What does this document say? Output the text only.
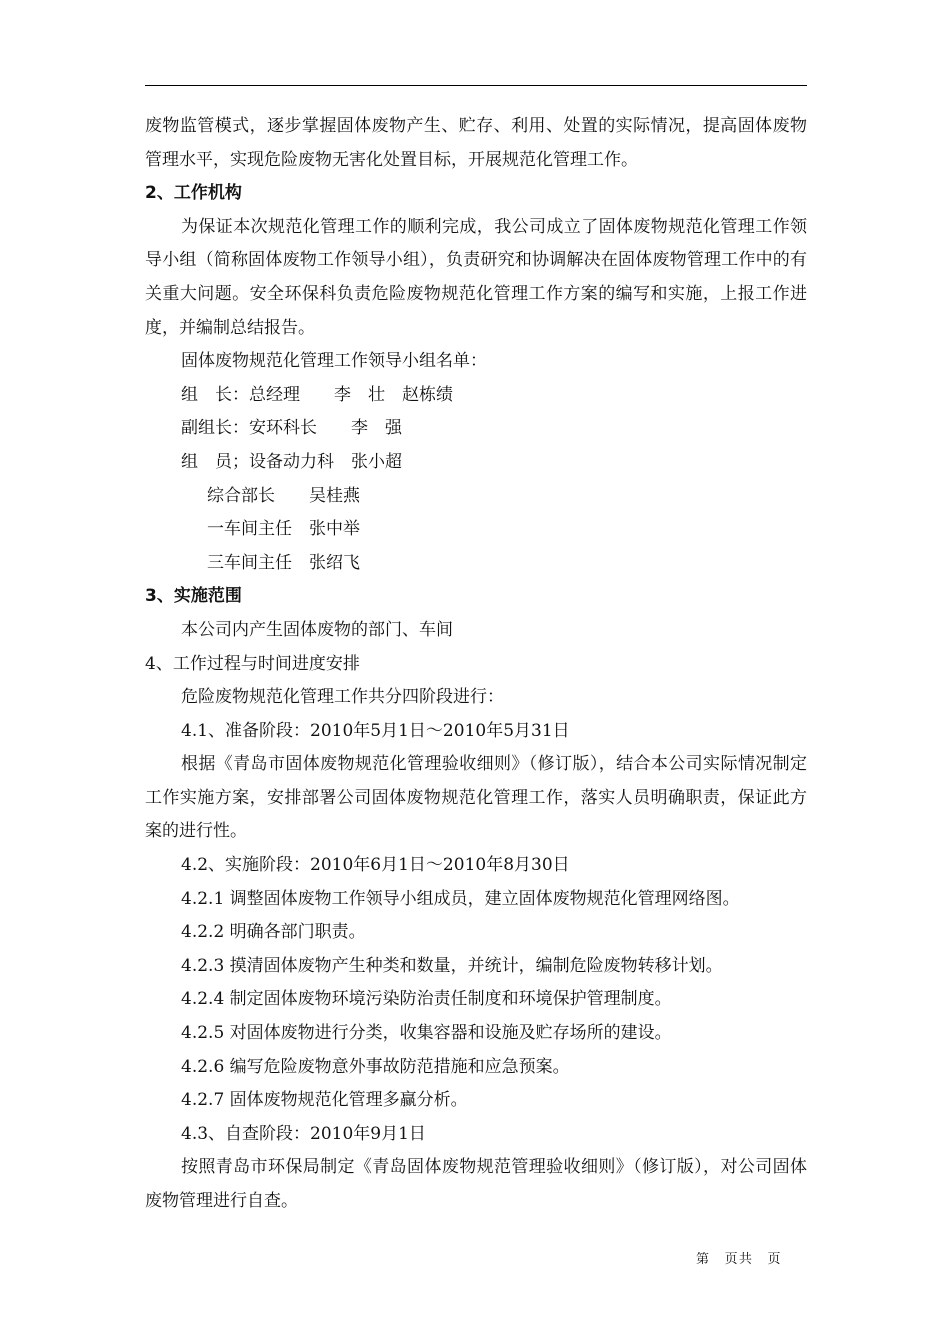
废物监管模式，逐步掌握固体废物产生、贮存、利用、处置的实际情况，提高固体废物管理水平，实现危险废物无害化处置目标，开展规范化管理工作。

2、工作机构

为保证本次规范化管理工作的顺利完成，我公司成立了固体废物规范化管理工作领导小组（简称固体废物工作领导小组），负责研究和协调解决在固体废物管理工作中的有关重大问题。安全环保科负责危险废物规范化管理工作方案的编写和实施，上报工作进度，并编制总结报告。

固体废物规范化管理工作领导小组名单：

组　长：总经理　　李　壮　赵栋绩

副组长：安环科长　　李　强

组　员；设备动力科　张小超

综合部长　　吴桂燕

一车间主任　张中举

三车间主任　张绍飞

3、实施范围

本公司内产生固体废物的部门、车间

4、工作过程与时间进度安排

危险废物规范化管理工作共分四阶段进行：

4.1、准备阶段：2010年5月1日～2010年5月31日

根据《青岛市固体废物规范化管理验收细则》（修订版），结合本公司实际情况制定工作实施方案，安排部署公司固体废物规范化管理工作，落实人员明确职责，保证此方案的进行性。

4.2、实施阶段：2010年6月1日～2010年8月30日

4.2.1 调整固体废物工作领导小组成员，建立固体废物规范化管理网络图。

4.2.2 明确各部门职责。

4.2.3 摸清固体废物产生种类和数量，并统计，编制危险废物转移计划。

4.2.4 制定固体废物环境污染防治责任制度和环境保护管理制度。

4.2.5 对固体废物进行分类，收集容器和设施及贮存场所的建设。

4.2.6 编写危险废物意外事故防范措施和应急预案。

4.2.7 固体废物规范化管理多赢分析。

4.3、自查阶段：2010年9月1日

按照青岛市环保局制定《青岛固体废物规范管理验收细则》（修订版），对公司固体废物管理进行自查。

第　页共　页
